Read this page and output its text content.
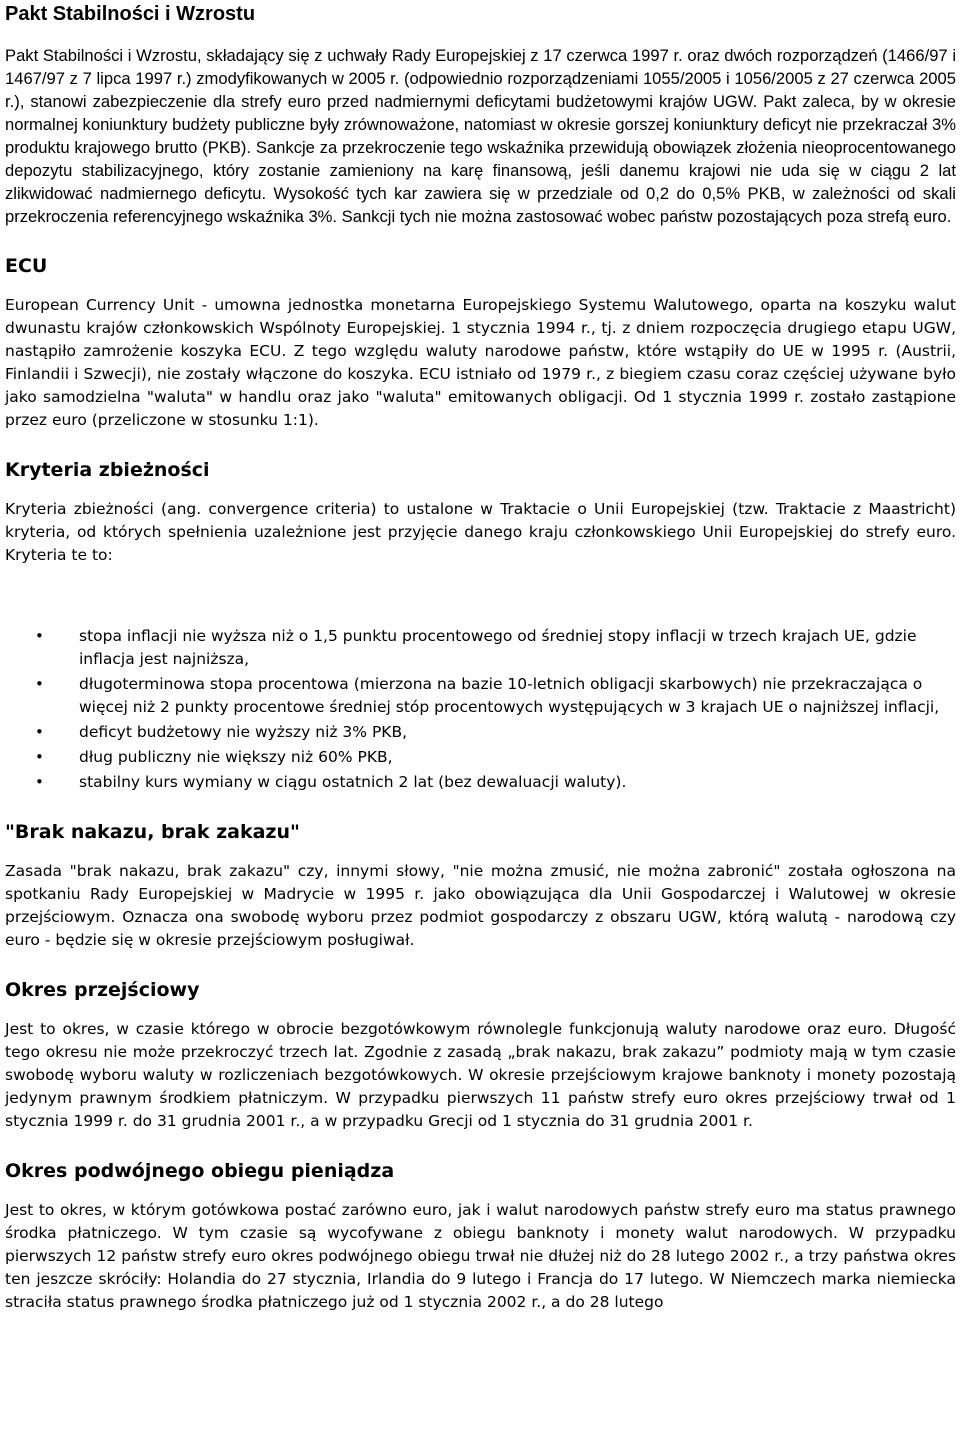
Pakt Stabilności i Wzrostu

Pakt Stabilności i Wzrostu, składający się z uchwały Rady Europejskiej z 17 czerwca 1997 r. oraz dwóch rozporządzeń (1466/97 i 1467/97 z 7 lipca 1997 r.) zmodyfikowanych w 2005 r. (odpowiednio rozporządzeniami 1055/2005 i 1056/2005 z 27 czerwca 2005 r.), stanowi zabezpieczenie dla strefy euro przed nadmiernymi deficytami budżetowymi krajów UGW. Pakt zaleca, by w okresie normalnej koniunktury budżety publiczne były zrównoważone, natomiast w okresie gorszej koniunktury deficyt nie przekraczał 3% produktu krajowego brutto (PKB). Sankcje za przekroczenie tego wskaźnika przewidują obowiązek złożenia nieoprocentowanego depozytu stabilizacyjnego, który zostanie zamieniony na karę finansową, jeśli danemu krajowi nie uda się w ciągu 2 lat zlikwidować nadmiernego deficytu. Wysokość tych kar zawiera się w przedziale od 0,2 do 0,5% PKB, w zależności od skali przekroczenia referencyjnego wskaźnika 3%. Sankcji tych nie można zastosować wobec państw pozostających poza strefą euro.

ECU

European Currency Unit - umowna jednostka monetarna Europejskiego Systemu Walutowego, oparta na koszyku walut dwunastu krajów członkowskich Wspólnoty Europejskiej. 1 stycznia 1994 r., tj. z dniem rozpoczęcia drugiego etapu UGW, nastąpiło zamrożenie koszyka ECU. Z tego względu waluty narodowe państw, które wstąpiły do UE w 1995 r. (Austrii, Finlandii i Szwecji), nie zostały włączone do koszyka. ECU istniało od 1979 r., z biegiem czasu coraz częściej używane było jako samodzielna "waluta" w handlu oraz jako "waluta" emitowanych obligacji. Od 1 stycznia 1999 r. zostało zastąpione przez euro (przeliczone w stosunku 1:1).

Kryteria zbieżności

Kryteria zbieżności (ang. convergence criteria) to ustalone w Traktacie o Unii Europejskiej (tzw. Traktacie z Maastricht) kryteria, od których spełnienia uzależnione jest przyjęcie danego kraju członkowskiego Unii Europejskiej do strefy euro. Kryteria te to:

• stopa inflacji nie wyższa niż o 1,5 punktu procentowego od średniej stopy inflacji w trzech krajach UE, gdzie inflacja jest najniższa,
• długoterminowa stopa procentowa (mierzona na bazie 10-letnich obligacji skarbowych) nie przekraczająca o więcej niż 2 punkty procentowe średniej stóp procentowych występujących w 3 krajach UE o najniższej inflacji,
• deficyt budżetowy nie wyższy niż 3% PKB,
• dług publiczny nie większy niż 60% PKB,
• stabilny kurs wymiany w ciągu ostatnich 2 lat (bez dewaluacji waluty).
"Brak nakazu, brak zakazu"

Zasada "brak nakazu, brak zakazu" czy, innymi słowy, "nie można zmusić, nie można zabronić" została ogłoszona na spotkaniu Rady Europejskiej w Madrycie w 1995 r. jako obowiązująca dla Unii Gospodarczej i Walutowej w okresie przejściowym. Oznacza ona swobodę wyboru przez podmiot gospodarczy z obszaru UGW, którą walutą - narodową czy euro - będzie się w okresie przejściowym posługiwał.

Okres przejściowy

Jest to okres, w czasie którego w obrocie bezgotówkowym równolegle funkcjonują waluty narodowe oraz euro. Długość tego okresu nie może przekroczyć trzech lat. Zgodnie z zasadą „brak nakazu, brak zakazu” podmioty mają w tym czasie swobodę wyboru waluty w rozliczeniach bezgotówkowych. W okresie przejściowym krajowe banknoty i monety pozostają jedynym prawnym środkiem płatniczym. W przypadku pierwszych 11 państw strefy euro okres przejściowy trwał od 1 stycznia 1999 r. do 31 grudnia 2001 r., a w przypadku Grecji od 1 stycznia do 31 grudnia 2001 r.

Okres podwójnego obiegu pieniądza

Jest to okres, w którym gotówkowa postać zarówno euro, jak i walut narodowych państw strefy euro ma status prawnego środka płatniczego. W tym czasie są wycofywane z obiegu banknoty i monety walut narodowych. W przypadku pierwszych 12 państw strefy euro okres podwójnego obiegu trwał nie dłużej niż do 28 lutego 2002 r., a trzy państwa okres ten jeszcze skróciły: Holandia do 27 stycznia, Irlandia do 9 lutego i Francja do 17 lutego. W Niemczech marka niemiecka straciła status prawnego środka płatniczego już od 1 stycznia 2002 r., a do 28 lutego
